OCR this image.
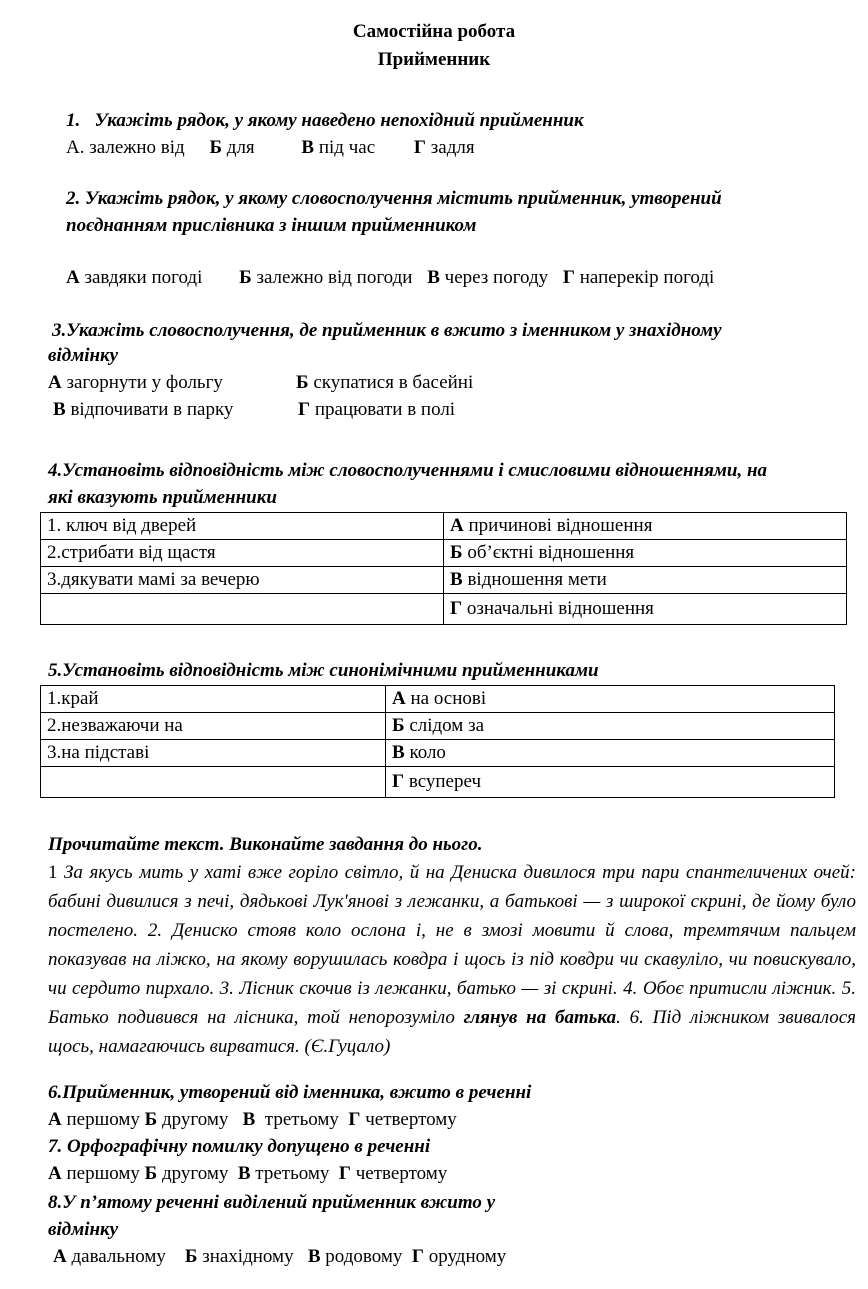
Самостійна робота
Прийменник
1.   Укажіть рядок, у якому наведено непохідний прийменник
А. залежно від Б для В під час Г задля
2. Укажіть рядок, у якому словосполучення містить прийменник, утворений
поєднанням прислівника з іншим прийменником
А завдяки погоді Б залежно від погоди В через погоду Г наперекір погоді
3.Укажіть словосполучення, де прийменник в вжито з іменником у знахідному
відмінку
А загорнути у фольгу	Б скупатися в басейні
В відпочивати в парку	Г працювати в полі
4.Установіть відповідність між словосполученнями і смисловими відношеннями, на
які вказують прийменники
1. ключ від дверей	А причинові відношення
2.стрибати від щастя	Б об’єктні відношення
3.дякувати мамі за вечерю	В відношення мети
	Г означальні відношення
5.Установіть відповідність між синонімічними прийменниками
1.край	А на основі
2.незважаючи на	Б слідом за
3.на підставі	В коло
	Г всупереч
Прочитайте текст. Виконайте завдання до нього.
1 За якусь мить у хаті вже горіло світло, й на Дениска дивилося три пари спантеличених очей: бабині дивилися з печі, дядькові Лук'янові з лежанки, а батькові — з широкої скрині, де йому було постелено. 2. Дениско стояв коло ослона і, не в змозі мовити й слова, тремтячим пальцем показував на ліжко, на якому ворушилась ковдра і щось із під ковдри чи скавуліло, чи повискувало, чи сердито пирхало. 3. Лісник скочив із лежанки, батько — зі скрині. 4. Обоє притисли ліжник. 5. Батько подивився на лісника, той непорозуміло глянув на батька. 6. Під ліжником звивалося щось, намагаючись вирватися. (Є.Гуцало)
6.Прийменник, утворений від іменника, вжито в реченні
А першому Б другому   В  третьому  Г четвертому
7. Орфографічну помилку допущено в реченні
А першому Б другому  В третьому  Г четвертому
8.У п’ятому реченні виділений прийменник вжито у
відмінку
А давальному    Б знахідному   В родовому  Г орудному
